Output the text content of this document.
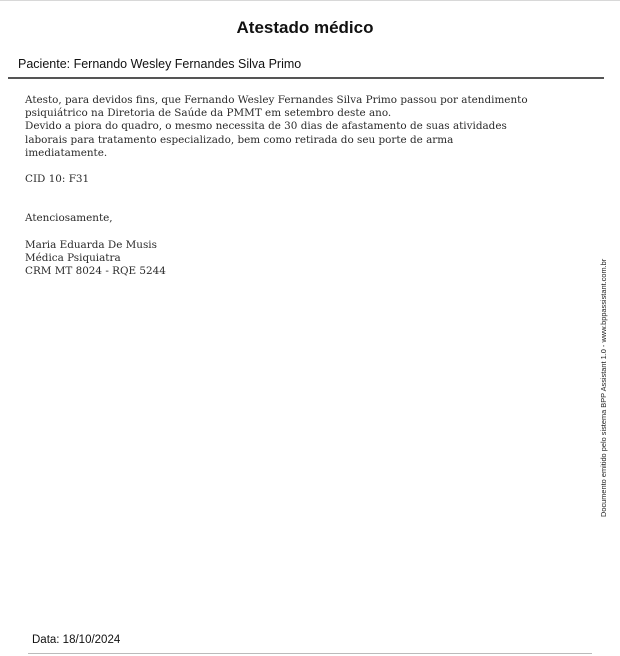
Atestado médico
Paciente: Fernando Wesley Fernandes Silva Primo
Atesto, para devidos fins, que Fernando Wesley Fernandes Silva Primo passou por atendimento
psiquiátrico na Diretoria de Saúde da PMMT em setembro deste ano.
Devido a piora do quadro, o mesmo necessita de 30 dias de afastamento de suas atividades
laborais para tratamento especializado, bem como retirada do seu porte de arma
imediatamente.
CID 10: F31
Atenciosamente,
Maria Eduarda De Musis
Médica Psiquiatra
CRM MT 8024 - RQE 5244	Documento emitido pelo sistema BPP Assistant 1.0 - www.bppassistant.com.br
Data: 18/10/2024
